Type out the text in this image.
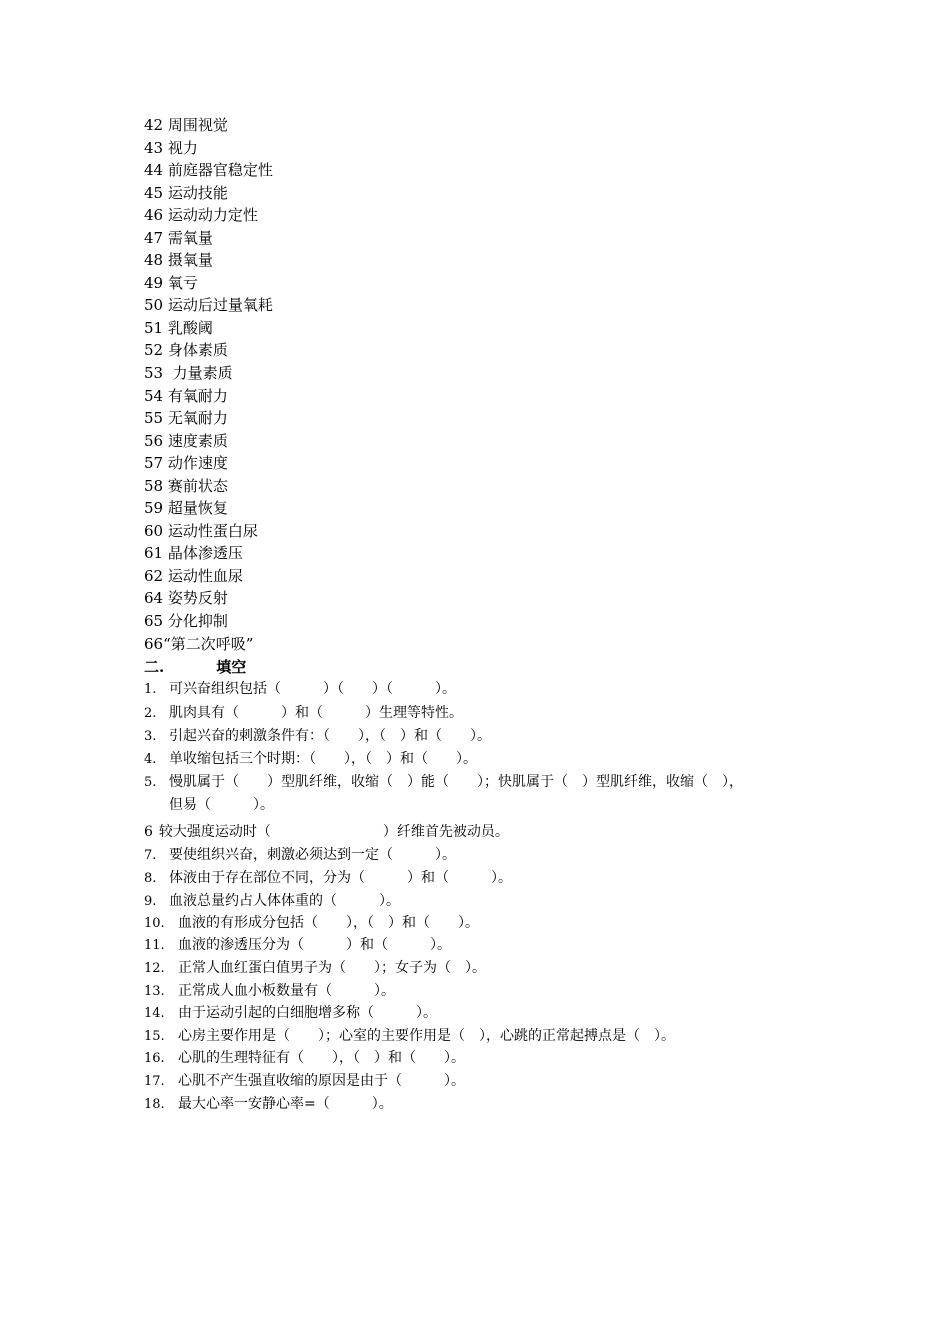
42 周围视觉
43 视力
44 前庭器官稳定性
45 运动技能
46 运动动力定性
47 需氧量
48 摄氧量
49 氧亏
50 运动后过量氧耗
51 乳酸阈
52 身体素质
53  力量素质
54 有氧耐力
55 无氧耐力
56 速度素质
57 动作速度
58 赛前状态
59 超量恢复
60 运动性蛋白尿
61 晶体渗透压
62 运动性血尿
64 姿势反射
65 分化抑制
66“第二次呼吸”
二.	填空
1. 可兴奋组织包括（　　　）（　　）（　　　）。
2. 肌肉具有（　　　）和（　　　）生理等特性。
3. 引起兴奋的刺激条件有：（　　），（　）和（　　）。
4. 单收缩包括三个时期：（　　），（　）和（　　）。
5. 慢肌属于（　　）型肌纤维，收缩（　）能（　　）；快肌属于（　）型肌纤维，收缩（　），
但易（　　　）。
6 较大强度运动时（　　　　　　　　）纤维首先被动员。
7. 要使组织兴奋，刺激必须达到一定（　　　）。
8. 体液由于存在部位不同，分为（　　　）和（　　　）。
9. 血液总量约占人体体重的（　　　）。
10. 血液的有形成分包括（　　），（　）和（　　）。
11. 血液的渗透压分为（　　　）和（　　　）。
12. 正常人血红蛋白值男子为（　　）；女子为（　）。
13. 正常成人血小板数量有（　　　）。
14. 由于运动引起的白细胞增多称（　　　）。
15. 心房主要作用是（　　）；心室的主要作用是（　），心跳的正常起搏点是（　）。
16. 心肌的生理特征有（　　），（　）和（　　）。
17. 心肌不产生强直收缩的原因是由于（　　　）。
18. 最大心率一安静心率=（　　　）。
